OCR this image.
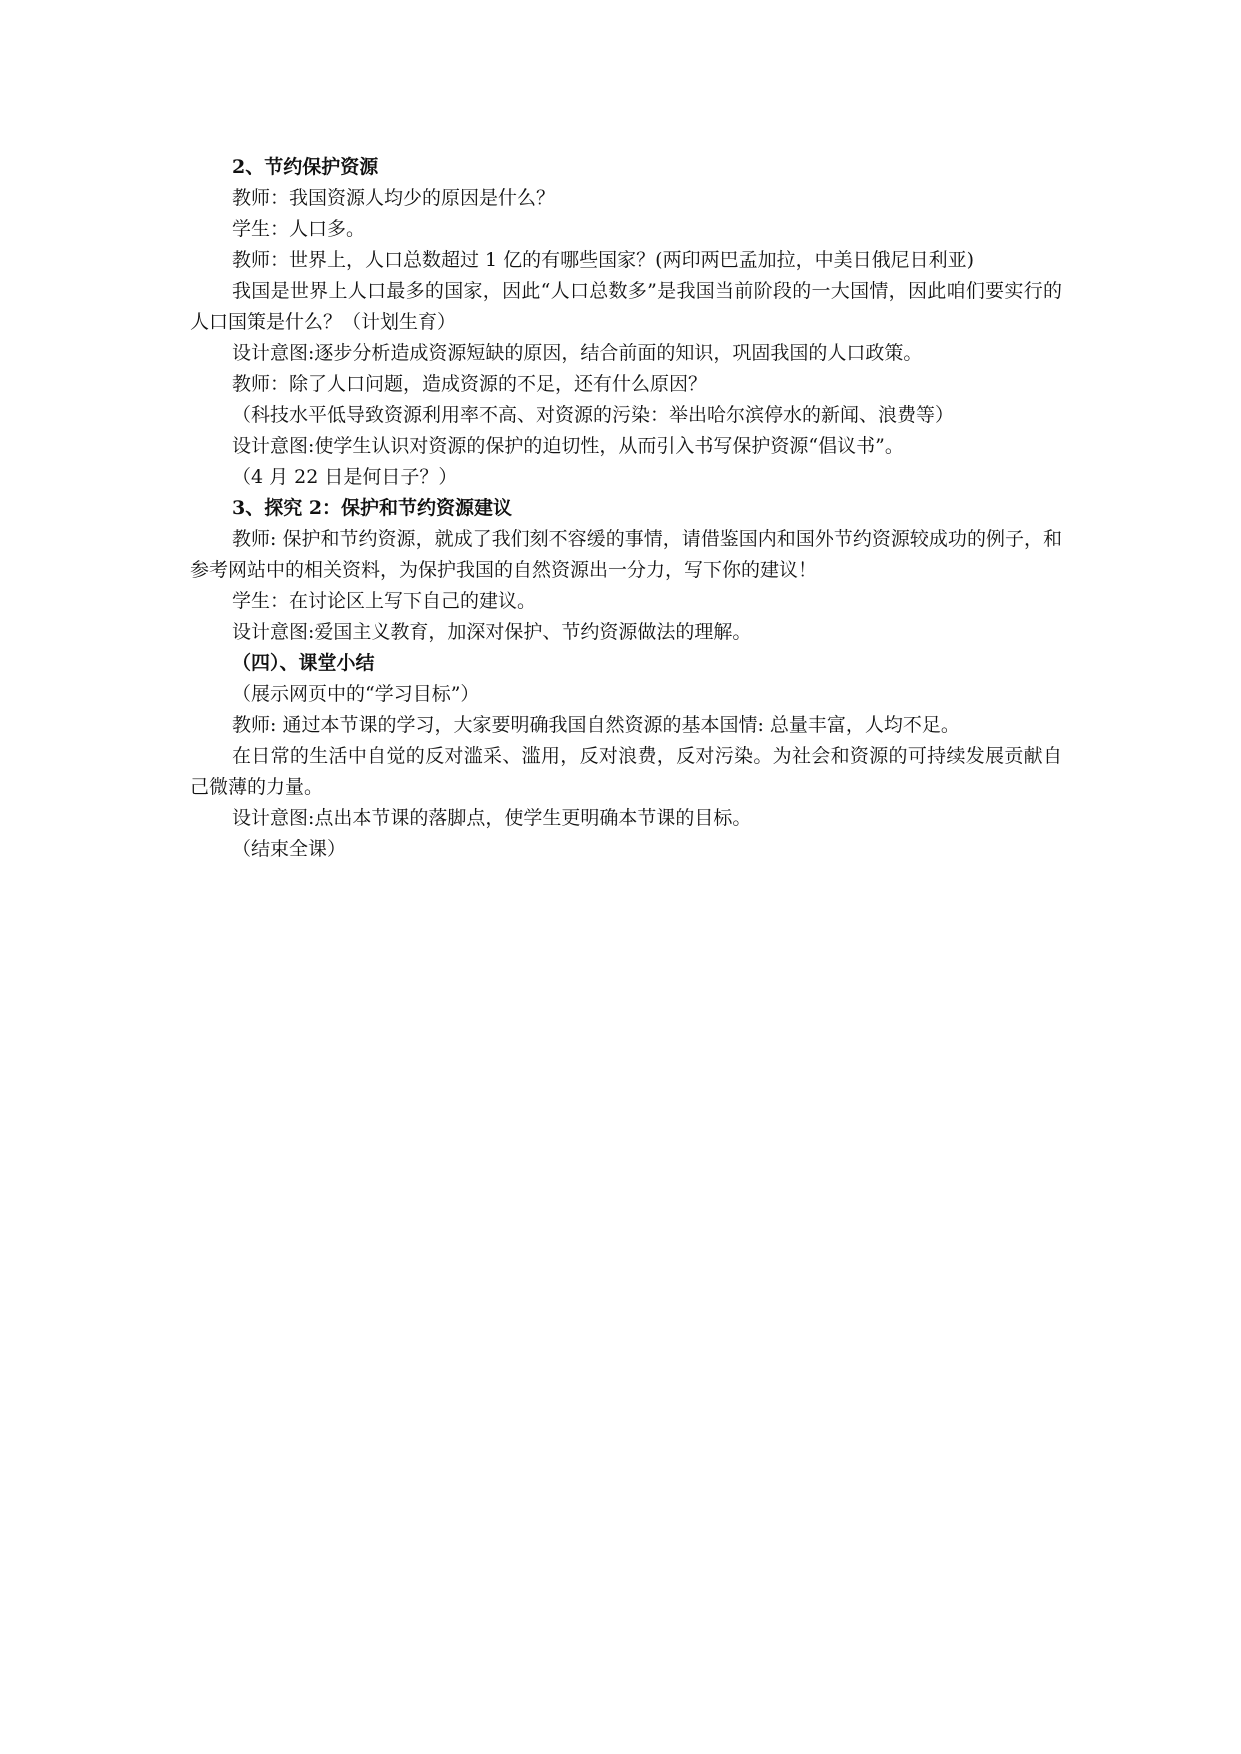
2、节约保护资源

教师：我国资源人均少的原因是什么？

学生：人口多。

教师：世界上，人口总数超过 1 亿的有哪些国家？(两印两巴孟加拉，中美日俄尼日利亚)

我国是世界上人口最多的国家，因此“人口总数多”是我国当前阶段的一大国情，因此咱们要实行的人口国策是什么？（计划生育）

设计意图:逐步分析造成资源短缺的原因，结合前面的知识，巩固我国的人口政策。

教师：除了人口问题，造成资源的不足，还有什么原因？

（科技水平低导致资源利用率不高、对资源的污染：举出哈尔滨停水的新闻、浪费等）

设计意图:使学生认识对资源的保护的迫切性，从而引入书写保护资源“倡议书”。

（4 月 22 日是何日子？）

3、探究 2：保护和节约资源建议

教师: 保护和节约资源，就成了我们刻不容缓的事情，请借鉴国内和国外节约资源较成功的例子，和参考网站中的相关资料，为保护我国的自然资源出一分力，写下你的建议！

学生：在讨论区上写下自己的建议。

设计意图:爱国主义教育，加深对保护、节约资源做法的理解。

（四）、课堂小结

（展示网页中的“学习目标”）

教师: 通过本节课的学习，大家要明确我国自然资源的基本国情: 总量丰富，人均不足。

在日常的生活中自觉的反对滥采、滥用，反对浪费，反对污染。为社会和资源的可持续发展贡献自己微薄的力量。

设计意图:点出本节课的落脚点，使学生更明确本节课的目标。

（结束全课）
